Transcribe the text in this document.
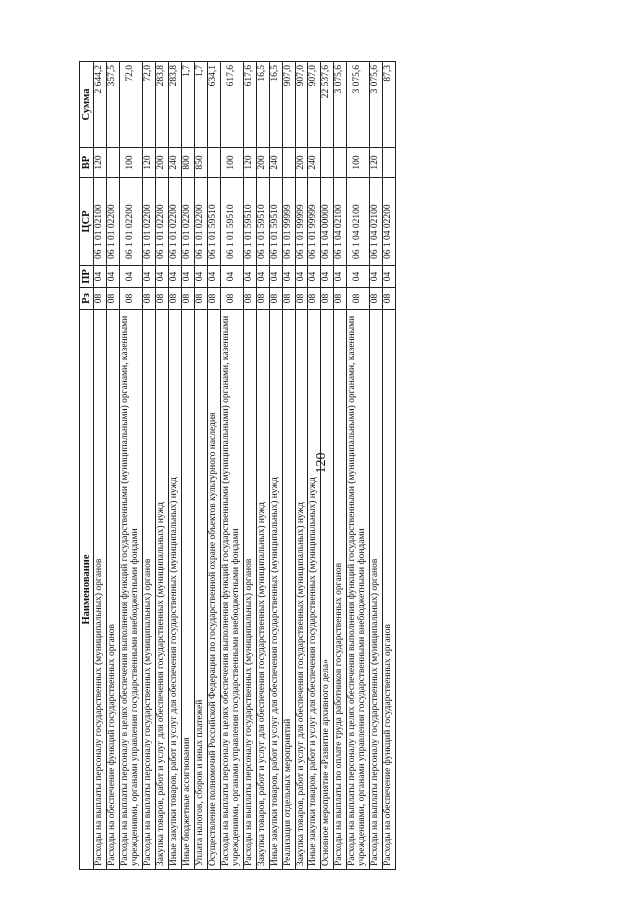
120
Наименование	Рз	ПР	ЦСР	ВР	Сумма
Расходы на выплаты персоналу государственных (муниципальных) органов	08	04	06 1 01 02100	120	2 644,2
Расходы на обеспечение функций государственных органов	08	04	06 1 01 02200		357,5
Расходы на выплаты персоналу в целях обеспечения выполнения функций государственными (муниципальными) органами, казенными учреждениями, органами управления государственными внебюджетными фондами	08	04	06 1 01 02200	100	72,0
Расходы на выплаты персоналу государственных (муниципальных) органов	08	04	06 1 01 02200	120	72,0
Закупка товаров, работ и услуг для обеспечения государственных (муниципальных) нужд	08	04	06 1 01 02200	200	283,8
Иные закупки товаров, работ и услуг для обеспечения государственных (муниципальных) нужд	08	04	06 1 01 02200	240	283,8
Иные бюджетные ассигнования	08	04	06 1 01 02200	800	1,7
Уплата налогов, сборов и иных платежей	08	04	06 1 01 02200	850	1,7
Осуществление полномочий Российской Федерации по государственной охране объектов культурного наследия	08	04	06 1 01 59510		634,1
Расходы на выплаты персоналу в целях обеспечения выполнения функций государственными (муниципальными) органами, казенными учреждениями, органами управления государственными внебюджетными фондами	08	04	06 1 01 59510	100	617,6
Расходы на выплаты персоналу государственных (муниципальных) органов	08	04	06 1 01 59510	120	617,6
Закупка товаров, работ и услуг для обеспечения государственных (муниципальных) нужд	08	04	06 1 01 59510	200	16,5
Иные закупки товаров, работ и услуг для обеспечения государственных (муниципальных) нужд	08	04	06 1 01 59510	240	16,5
Реализация отдельных мероприятий	08	04	06 1 01 99999		907,0
Закупка товаров, работ и услуг для обеспечения государственных (муниципальных) нужд	08	04	06 1 01 99999	200	907,0
Иные закупки товаров, работ и услуг для обеспечения государственных (муниципальных) нужд	08	04	06 1 01 99999	240	907,0
Основное мероприятие «Развитие архивного дела»	08	04	06 1 04 00000		22 537,6
Расходы на выплаты по оплате труда работников государственных органов	08	04	06 1 04 02100		3 075,6
Расходы на выплаты персоналу в целях обеспечения выполнения функций государственными (муниципальными) органами, казенными учреждениями, органами управления государственными внебюджетными фондами	08	04	06 1 04 02100	100	3 075,6
Расходы на выплаты персоналу государственных (муниципальных) органов	08	04	06 1 04 02100	120	3 075,6
Расходы на обеспечение функций государственных органов	08	04	06 1 04 02200		87,3
